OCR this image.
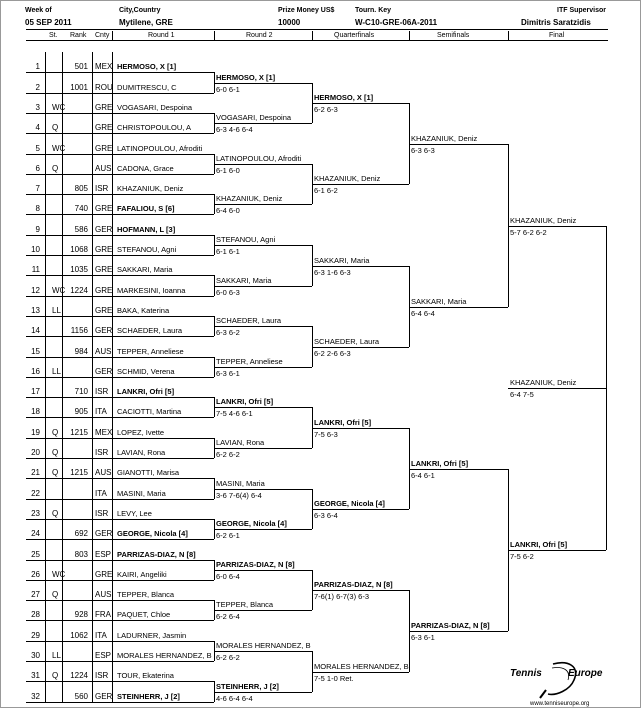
Week of	City,Country	Prize Money US$	Tourn. Key	ITF Supervisor
05 SEP 2011	Mytilene, GRE	10000	W-C10-GRE-06A-2011	Dimitris Saratzidis
St. Rank Cnty	Round 1	Round 2	Quarterfinals	Semifinals	Final
1	501 MEX HERMOSO, X [1]
2	1001 ROU DUMITRESCU, C
3 WC	GRE VOGASARI, Despoina
4 Q	GRE CHRISTOPOULOU, A
5 WC	GRE LATINOPOULOU, Afroditi
6 Q	AUS CADONA, Grace
7	805 ISR KHAZANIUK, Deniz
8	740 GRE FAFALIOU, S [6]
9	586 GER HOFMANN, L [3]
10	1068 GRE STEFANOU, Agni
11	1035 GRE SAKKARI, Maria
12 WC 1224 GRE MARKESINI, Ioanna
13 LL	GRE BAKA, Katerina
14	1156 GER SCHAEDER, Laura
15	984 AUS TEPPER, Anneliese
16 LL	GER SCHMID, Verena
17	710 ISR LANKRI, Ofri [5]
18	905 ITA CACIOTTI, Martina
19 Q	1215 MEX LOPEZ, Ivette
20 Q	ISR LAVIAN, Rona
21 Q	1215 AUS GIANOTTI, Marisa
22	ITA MASINI, Maria
23 Q	ISR LEVY, Lee
24	692 GER GEORGE, Nicola [4]
25	803 ESP PARRIZAS-DIAZ, N [8]
26 WC	GRE KAIRI, Angeliki
27 Q	AUS TEPPER, Blanca
28	928 FRA PAQUET, Chloe
29	1062 ITA LADURNER, Jasmin
30 LL	ESP MORALES HERNANDEZ, B
31 Q	1224 ISR TOUR, Ekaterina
32	560 GER STEINHERR, J [2]
HERMOSO, X [1]
6-0 6-1
VOGASARI, Despoina
6-3 4-6 6-4
LATINOPOULOU, Afroditi
6-1 6-0
KHAZANIUK, Deniz
6-4 6-0
STEFANOU, Agni
6-1 6-1
SAKKARI, Maria
6-0 6-3
SCHAEDER, Laura
6-3 6-2
TEPPER, Anneliese
6-3 6-1
LANKRI, Ofri [5]
7-5 4-6 6-1
LAVIAN, Rona
6-2 6-2
MASINI, Maria
3-6 7-6(4) 6-4
GEORGE, Nicola [4]
6-2 6-1
PARRIZAS-DIAZ, N [8]
6-0 6-4
TEPPER, Blanca
6-2 6-4
MORALES HERNANDEZ, B
6-2 6-2
STEINHERR, J [2]
4-6 6-4 6-4
HERMOSO, X [1]
6-2 6-3
KHAZANIUK, Deniz
6-1 6-2
SAKKARI, Maria
6-3 1-6 6-3
SCHAEDER, Laura
6-2 2-6 6-3
LANKRI, Ofri [5]
7-5 6-3
GEORGE, Nicola [4]
6-3 6-4
PARRIZAS-DIAZ, N [8]
7-6(1) 6-7(3) 6-3
MORALES HERNANDEZ, B
7-5 1-0 Ret.
KHAZANIUK, Deniz
6-3 6-3
SAKKARI, Maria
6-4 6-4
LANKRI, Ofri [5]
6-4 6-1
PARRIZAS-DIAZ, N [8]
6-3 6-1
KHAZANIUK, Deniz
5-7 6-2 6-2
LANKRI, Ofri [5]
7-5 6-2
KHAZANIUK, Deniz
6-4 7-5
Tennis	Europe
www.tenniseurope.org
